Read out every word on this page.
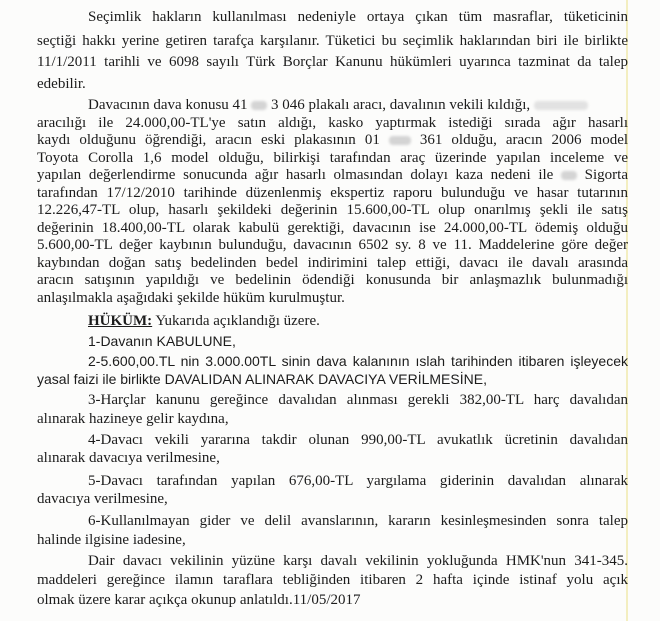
Seçimlik hakların kullanılması nedeniyle ortaya çıkan tüm masraflar, tüketicinin
seçtiği hakkı yerine getiren tarafça karşılanır. Tüketici bu seçimlik haklarından biri ile birlikte
11/1/2011 tarihli ve 6098 sayılı Türk Borçlar Kanunu hükümleri uyarınca tazminat da talep
edebilir.
Davacının dava konusu 41 3 046 plakalı aracı, davalının vekili kıldığı,
aracılığı ile 24.000,00-TL'ye satın aldığı, kasko yaptırmak istediği sırada ağır hasarlı
kaydı olduğunu öğrendiği, aracın eski plakasının 01	361 olduğu, aracın 2006 model
Toyota Corolla 1,6 model olduğu, bilirkişi tarafından araç üzerinde yapılan inceleme ve
yapılan değerlendirme sonucunda ağır hasarlı olmasından dolayı kaza nedeni ile Sigorta
tarafından 17/12/2010 tarihinde düzenlenmiş ekspertiz raporu bulunduğu ve hasar tutarının
12.226,47-TL olup, hasarlı şekildeki değerinin 15.600,00-TL olup onarılmış şekli ile satış
değerinin 18.400,00-TL olarak kabulü gerektiği, davacının ise 24.000,00-TL ödemiş olduğu
5.600,00-TL değer kaybının bulunduğu, davacının 6502 sy. 8 ve 11. Maddelerine göre değer
kaybından doğan satış bedelinden bedel indirimini talep ettiği, davacı ile davalı arasında
aracın satışının yapıldığı ve bedelinin ödendiği konusunda bir anlaşmazlık bulunmadığı
anlaşılmakla aşağıdaki şekilde hüküm kurulmuştur.
HÜKÜM: Yukarıda açıklandığı üzere.
1-Davanın KABULUNE,
2-5.600,00.TL nin 3.000.00TL sinin dava kalanının ıslah tarihinden itibaren işleyecek
yasal faizi ile birlikte DAVALIDAN ALINARAK DAVACIYA VERİLMESİNE,
3-Harçlar kanunu gereğince davalıdan alınması gerekli 382,00-TL harç davalıdan
alınarak hazineye gelir kaydına,
4-Davacı vekili yararına takdir olunan 990,00-TL avukatlık ücretinin davalıdan
alınarak davacıya verilmesine,
5-Davacı tarafından yapılan 676,00-TL yargılama giderinin davalıdan alınarak
davacıya verilmesine,
6-Kullanılmayan gider ve delil avanslarının, kararın kesinleşmesinden sonra talep
halinde ilgisine iadesine,
Dair davacı vekilinin yüzüne karşı davalı vekilinin yokluğunda HMK'nun 341-345.
maddeleri gereğince ilamın taraflara tebliğinden itibaren 2 hafta içinde istinaf yolu açık
olmak üzere karar açıkça okunup anlatıldı.11/05/2017
